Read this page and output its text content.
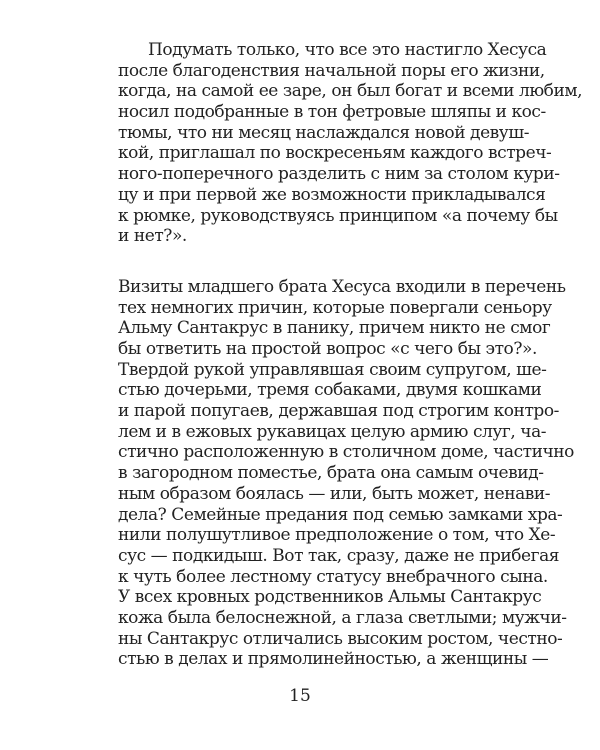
Подумать только, что все это настигло Хесуса
после благоденствия начальной поры его жизни,
когда, на самой ее заре, он был богат и всеми любим,
носил подобранные в тон фетровые шляпы и кос-
тюмы, что ни месяц наслаждался новой девуш-
кой, приглашал по воскресеньям каждого встреч-
ного-поперечного разделить с ним за столом кури-
цу и при первой же возможности прикладывался
к рюмке, руководствуясь принципом «а почему бы
и нет?».
Визиты младшего брата Хесуса входили в перечень
тех немногих причин, которые повергали сеньору
Альму Сантакрус в панику, причем никто не смог
бы ответить на простой вопрос «с чего бы это?».
Твердой рукой управлявшая своим супругом, ше-
стью дочерьми, тремя собаками, двумя кошками
и парой попугаев, державшая под строгим контро-
лем и в ежовых рукавицах целую армию слуг, ча-
стично расположенную в столичном доме, частично
в загородном поместье, брата она самым очевид-
ным образом боялась — или, быть может, ненави-
дела? Семейные предания под семью замками хра-
нили полушутливое предположение о том, что Хе-
сус — подкидыш. Вот так, сразу, даже не прибегая
к чуть более лестному статусу внебрачного сына.
У всех кровных родственников Альмы Сантакрус
кожа была белоснежной, а глаза светлыми; мужчи-
ны Сантакрус отличались высоким ростом, честно-
стью в делах и прямолинейностью, а женщины —
15
